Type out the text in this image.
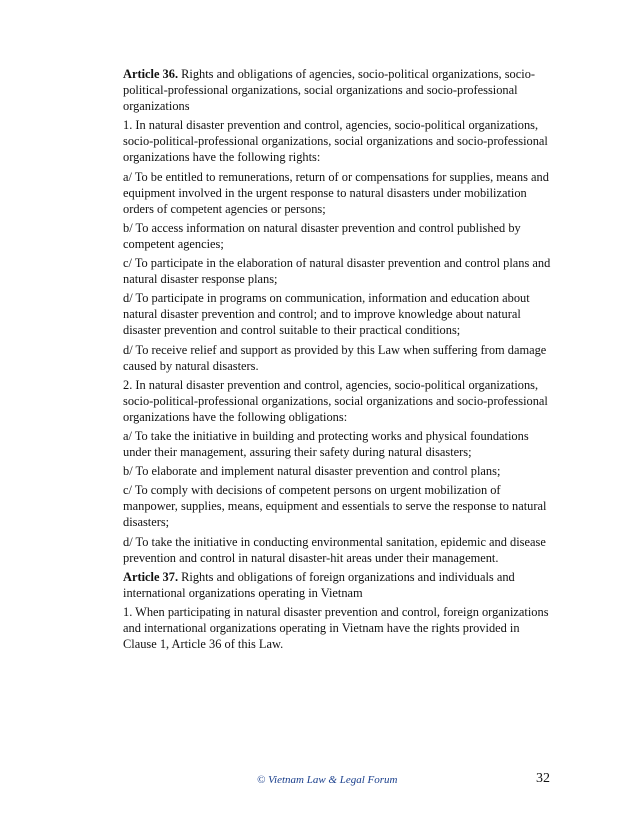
Article 36. Rights and obligations of agencies, socio-political organizations, socio-political-professional organizations, social organizations and socio-professional organizations

1. In natural disaster prevention and control, agencies, socio-political organizations, socio-political-professional organizations, social organizations and socio-professional organizations have the following rights:

a/ To be entitled to remunerations, return of or compensations for supplies, means and equipment involved in the urgent response to natural disasters under mobilization orders of competent agencies or persons;

b/ To access information on natural disaster prevention and control published by competent agencies;

c/ To participate in the elaboration of natural disaster prevention and control plans and natural disaster response plans;

d/ To participate in programs on communication, information and education about natural disaster prevention and control; and to improve knowledge about natural disaster prevention and control suitable to their practical conditions;

d/ To receive relief and support as provided by this Law when suffering from damage caused by natural disasters.

2. In natural disaster prevention and control, agencies, socio-political organizations, socio-political-professional organizations, social organizations and socio-professional organizations have the following obligations:

a/ To take the initiative in building and protecting works and physical foundations under their management, assuring their safety during natural disasters;

b/ To elaborate and implement natural disaster prevention and control plans;

c/ To comply with decisions of competent persons on urgent mobilization of manpower, supplies, means, equipment and essentials to serve the response to natural disasters;

d/ To take the initiative in conducting environmental sanitation, epidemic and disease prevention and control in natural disaster-hit areas under their management.

Article 37. Rights and obligations of foreign organizations and individuals and international organizations operating in Vietnam

1. When participating in natural disaster prevention and control, foreign organizations and international organizations operating in Vietnam have the rights provided in Clause 1, Article 36 of this Law.

© Vietnam Law & Legal Forum	32
